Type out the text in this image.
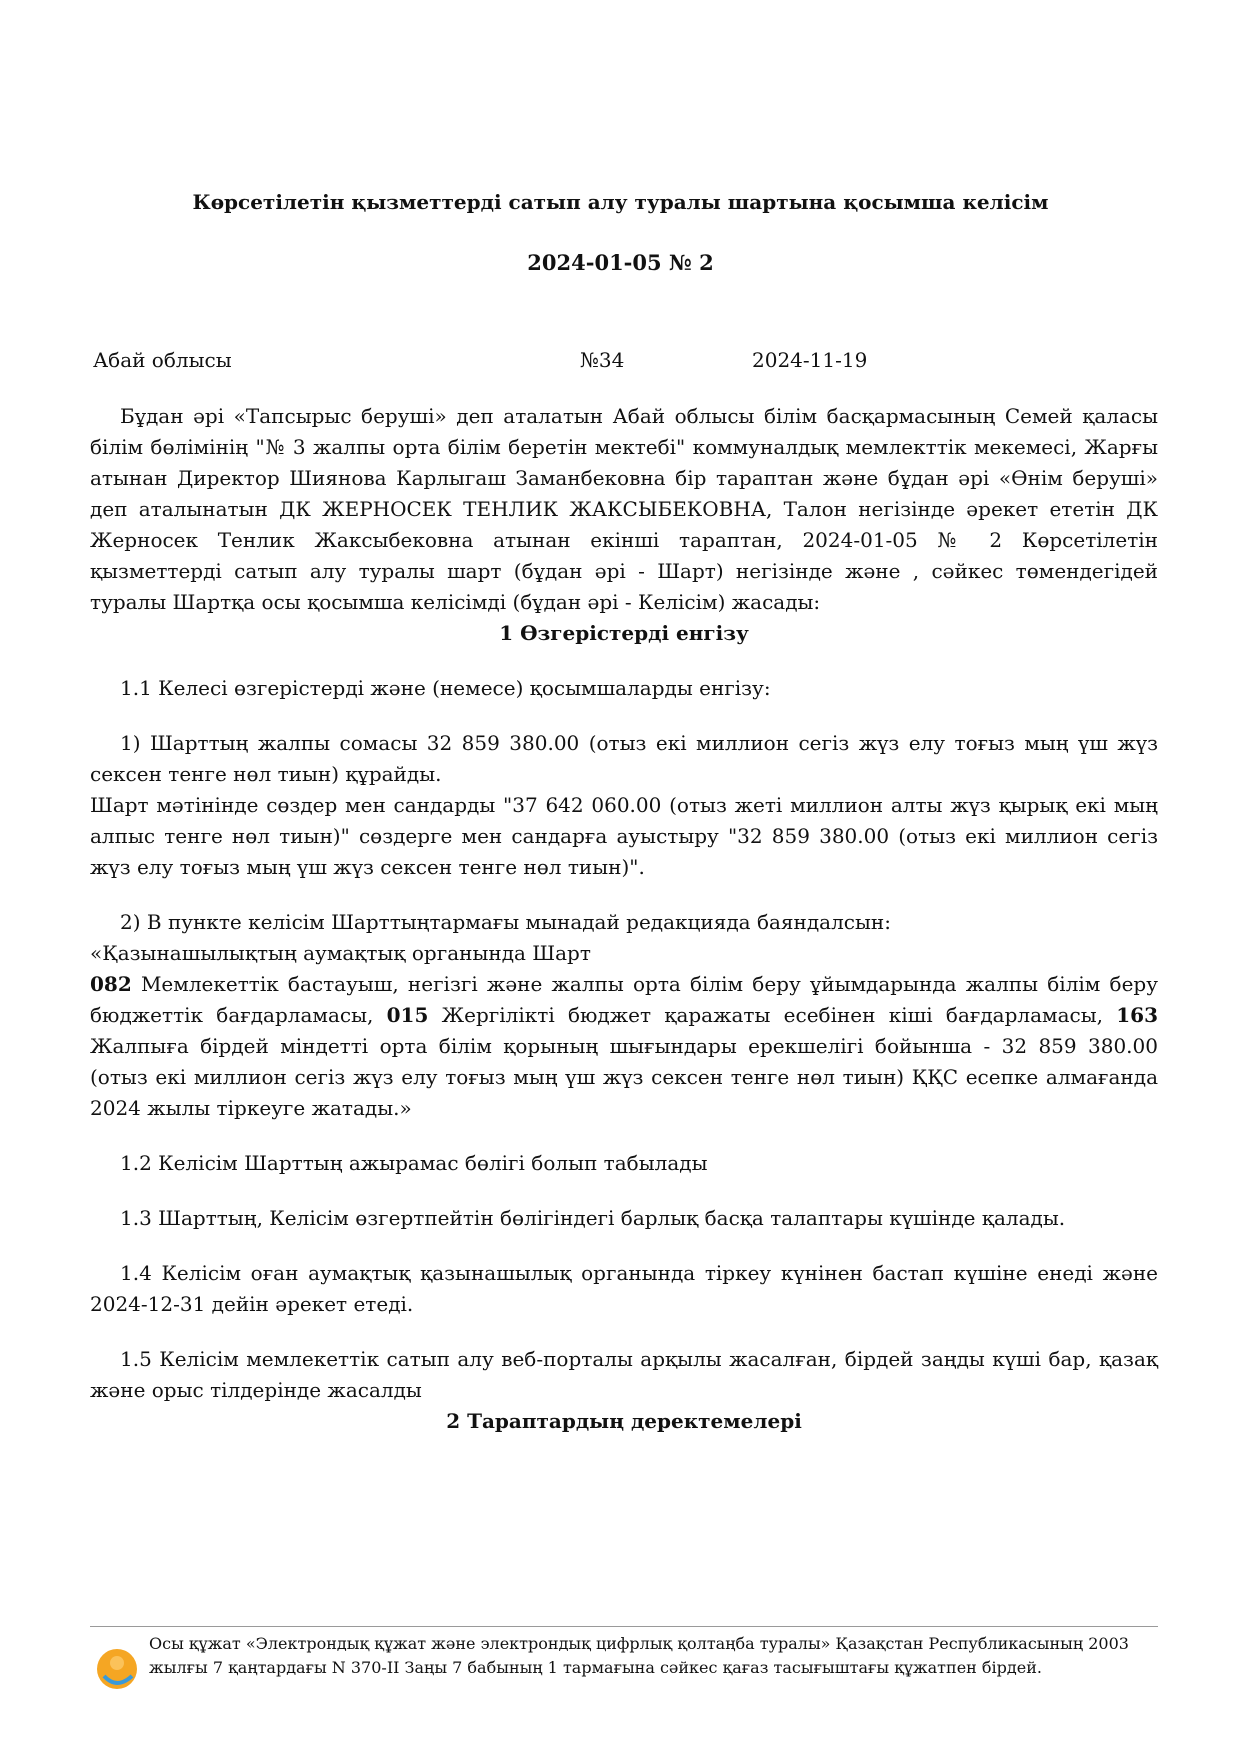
Көрсетілетін қызметтерді сатып алу туралы шартына қосымша келісім
2024-01-05 № 2
Абай облысы	№34	2024-11-19

Бұдан әрі «Тапсырыс беруші» деп аталатын Абай облысы білім басқармасының Семей қаласы білім бөлімінің "№ 3 жалпы орта білім беретін мектебі" коммуналдық мемлекттік мекемесі, Жарғы атынан Директор Шиянова Карлыгаш Заманбековна бір тараптан және бұдан әрі «Өнім беруші» деп аталынатын ДК ЖЕРНОСЕК ТЕНЛИК ЖАКСЫБЕКОВНА, Талон негізінде әрекет ететін ДК Жерносек Тенлик Жаксыбековна атынан екінші тараптан, 2024-01-05 № 2 Көрсетілетін қызметтерді сатып алу туралы шарт (бұдан әрі - Шарт) негізінде және , сәйкес төмендегідей туралы Шартқа осы қосымша келісімді (бұдан әрі - Келісім) жасады:

1 Өзгерістерді енгізу

1.1 Келесі өзгерістерді және (немесе) қосымшаларды енгізу:

1) Шарттың жалпы сомасы 32 859 380.00 (отыз екі миллион сегіз жүз елу тоғыз мың үш жүз сексен тенге нөл тиын) құрайды.

Шарт мәтінінде сөздер мен сандарды "37 642 060.00 (отыз жеті миллион алты жүз қырық екі мың алпыс тенге нөл тиын)" сөздерге мен сандарға ауыстыру "32 859 380.00 (отыз екі миллион сегіз жүз елу тоғыз мың үш жүз сексен тенге нөл тиын)".

2) В пункте келісім Шарттыңтармағы мынадай редакцияда баяндалсын:

«Қазынашылықтың аумақтық органында Шарт

082 Мемлекеттік бастауыш, негізгі және жалпы орта білім беру ұйымдарында жалпы білім беру бюджеттік бағдарламасы, 015 Жергілікті бюджет қаражаты есебінен кіші бағдарламасы, 163 Жалпыға бірдей міндетті орта білім қорының шығындары ерекшелігі бойынша - 32 859 380.00 (отыз екі миллион сегіз жүз елу тоғыз мың үш жүз сексен тенге нөл тиын) ҚҚС есепке алмағанда 2024 жылы тіркеуге жатады.»

1.2 Келісім Шарттың ажырамас бөлігі болып табылады

1.3 Шарттың, Келісім өзгертпейтін бөлігіндегі барлық басқа талаптары күшінде қалады.

1.4 Келісім оған аумақтық қазынашылық органында тіркеу күнінен бастап күшіне енеді және 2024-12-31 дейін әрекет етеді.

1.5 Келісім мемлекеттік сатып алу веб-порталы арқылы жасалған, бірдей заңды күші бар, қазақ және орыс тілдерінде жасалды

2 Тараптардың деректемелері

Осы құжат «Электрондық құжат және электрондық цифрлық қолтаңба туралы» Қазақстан Республикасының 2003 жылғы 7 қаңтардағы N 370-II Заңы 7 бабының 1 тармағына сәйкес қағаз тасығыштағы құжатпен бірдей.
